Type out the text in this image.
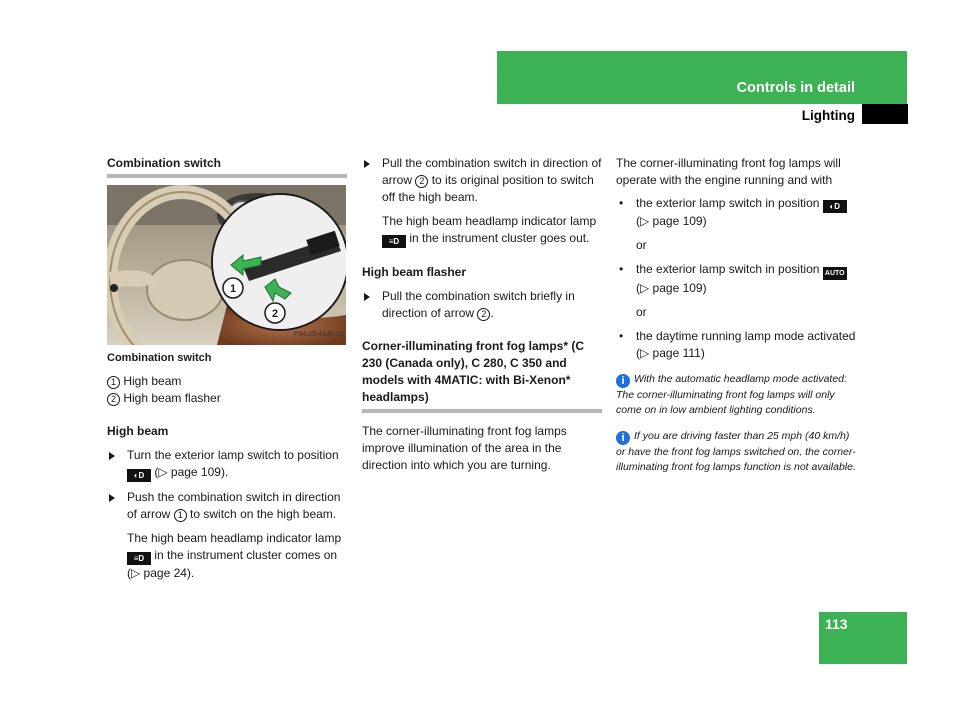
Controls in detail
Lighting
Combination switch
1
2
P54.25-4146-31
Combination switch
1 High beam
2 High beam flasher
High beam
Turn the exterior lamp switch to position ◐D (▷ page 109).
Push the combination switch in direction of arrow 1 to switch on the high beam.
The high beam headlamp indicator lamp ≡D in the instrument cluster comes on (▷ page 24).
Pull the combination switch in direction of arrow 2 to its original position to switch off the high beam.
The high beam headlamp indicator lamp ≡D in the instrument cluster goes out.
High beam flasher
Pull the combination switch briefly in direction of arrow 2 .
Corner-illuminating front fog lamps* (C 230 (Canada only), C 280, C 350 and models with 4MATIC: with Bi-Xenon* headlamps)
The corner-illuminating front fog lamps improve illumination of the area in the direction into which you are turning.
The corner-illuminating front fog lamps will operate with the engine running and with
• the exterior lamp switch in position ◐D (▷ page 109)
or
• the exterior lamp switch in position AUTO (▷ page 109)
or
• the daytime running lamp mode activated (▷ page 111)
i With the automatic headlamp mode activated: The corner-illuminating front fog lamps will only come on in low ambient lighting conditions.
i If you are driving faster than 25 mph (40 km/h) or have the front fog lamps switched on, the corner-illuminating front fog lamps function is not available.
113
